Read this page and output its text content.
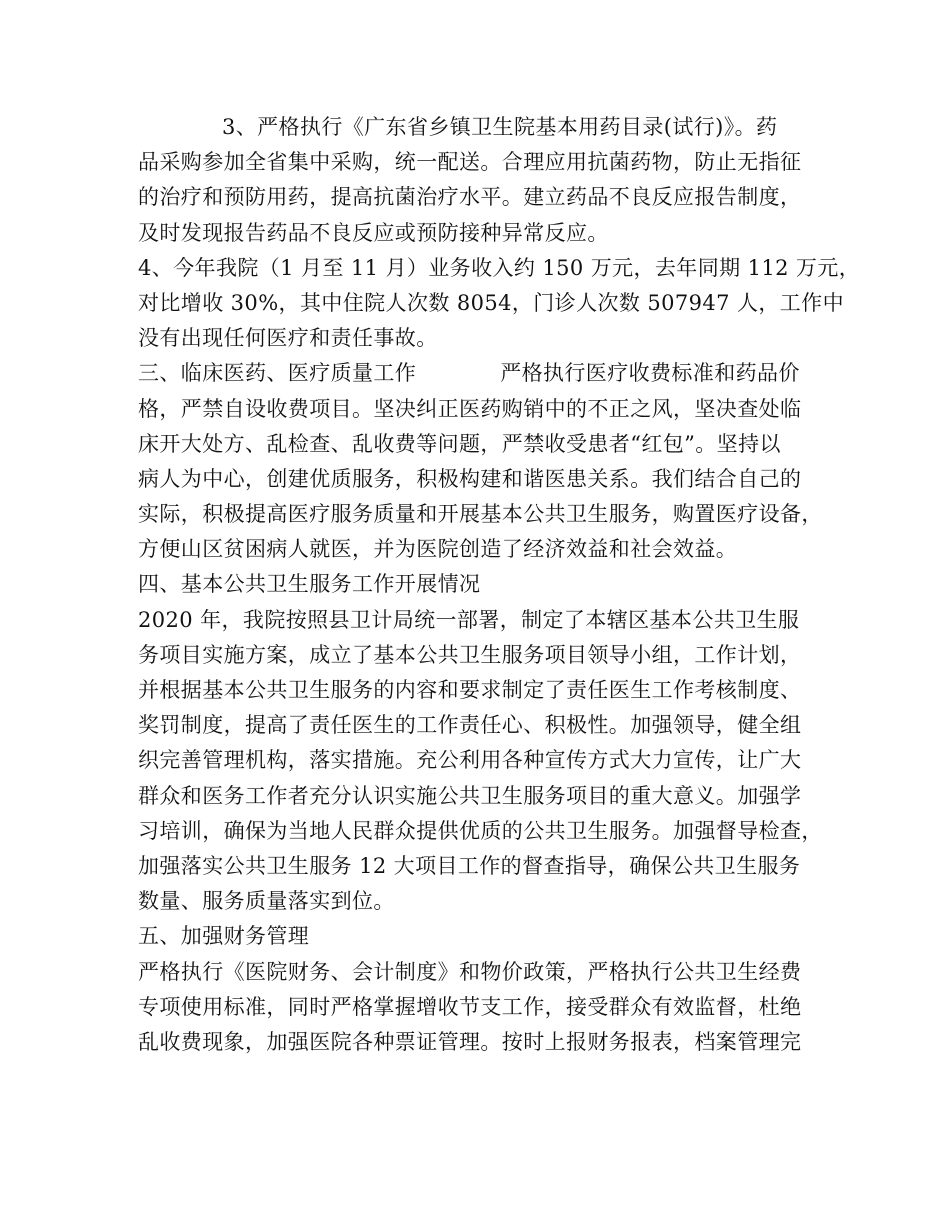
3、严格执行《广东省乡镇卫生院基本用药目录(试行)》。药
品采购参加全省集中采购，统一配送。合理应用抗菌药物，防止无指征
的治疗和预防用药，提高抗菌治疗水平。建立药品不良反应报告制度，
及时发现报告药品不良反应或预防接种异常反应。
4、今年我院（1 月至 11 月）业务收入约 150 万元，去年同期 112 万元，
对比增收 30%，其中住院人次数 8054，门诊人次数 507947 人，工作中
没有出现任何医疗和责任事故。
三、临床医药、医疗质量工作	严格执行医疗收费标准和药品价
格，严禁自设收费项目。坚决纠正医药购销中的不正之风，坚决查处临
床开大处方、乱检查、乱收费等问题，严禁收受患者“红包”。坚持以
病人为中心，创建优质服务，积极构建和谐医患关系。我们结合自己的
实际，积极提高医疗服务质量和开展基本公共卫生服务，购置医疗设备，
方便山区贫困病人就医，并为医院创造了经济效益和社会效益。
四、基本公共卫生服务工作开展情况
2020 年，我院按照县卫计局统一部署，制定了本辖区基本公共卫生服
务项目实施方案，成立了基本公共卫生服务项目领导小组，工作计划，
并根据基本公共卫生服务的内容和要求制定了责任医生工作考核制度、
奖罚制度，提高了责任医生的工作责任心、积极性。加强领导，健全组
织完善管理机构，落实措施。充公利用各种宣传方式大力宣传，让广大
群众和医务工作者充分认识实施公共卫生服务项目的重大意义。加强学
习培训，确保为当地人民群众提供优质的公共卫生服务。加强督导检查，
加强落实公共卫生服务 12 大项目工作的督查指导，确保公共卫生服务
数量、服务质量落实到位。
五、加强财务管理
严格执行《医院财务、会计制度》和物价政策，严格执行公共卫生经费
专项使用标准，同时严格掌握增收节支工作，接受群众有效监督，杜绝
乱收费现象，加强医院各种票证管理。按时上报财务报表，档案管理完
